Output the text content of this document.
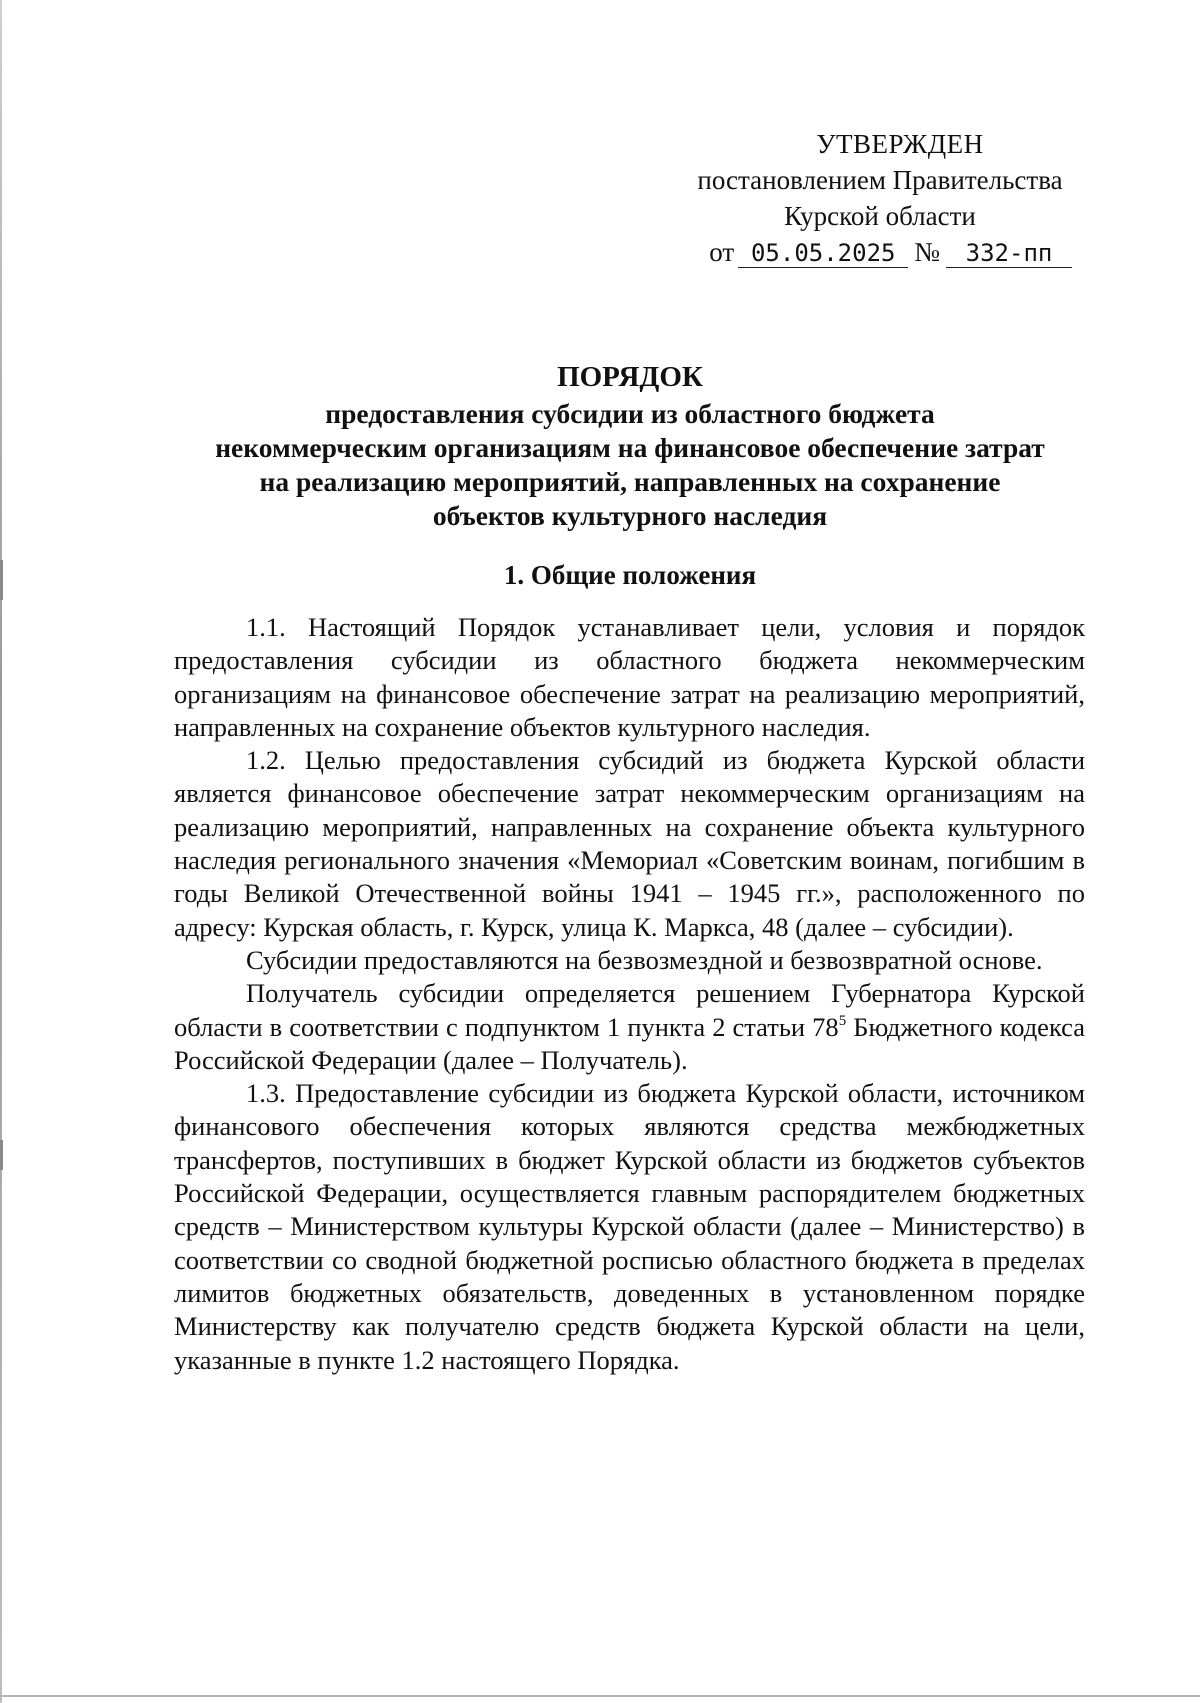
УТВЕРЖДЕН
постановлением Правительства
Курской области
от 05.05.2025 № 332-пп
ПОРЯДОК
предоставления субсидии из областного бюджета
некоммерческим организациям на финансовое обеспечение затрат
на реализацию мероприятий, направленных на сохранение
объектов культурного наследия
1. Общие положения

1.1. Настоящий Порядок устанавливает цели, условия и порядок предоставления субсидии из областного бюджета некоммерческим организациям на финансовое обеспечение затрат на реализацию мероприятий, направленных на сохранение объектов культурного наследия.

1.2. Целью предоставления субсидий из бюджета Курской области является финансовое обеспечение затрат некоммерческим организациям на реализацию мероприятий, направленных на сохранение объекта культурного наследия регионального значения «Мемориал «Советским воинам, погибшим в годы Великой Отечественной войны 1941 – 1945 гг.», расположенного по адресу: Курская область, г. Курск, улица К. Маркса, 48 (далее – субсидии).

Субсидии предоставляются на безвозмездной и безвозвратной основе.

Получатель субсидии определяется решением Губернатора Курской области в соответствии с подпунктом 1 пункта 2 статьи $78^5$ Бюджетного кодекса Российской Федерации (далее – Получатель).

1.3. Предоставление субсидии из бюджета Курской области, источником финансового обеспечения которых являются средства межбюджетных трансфертов, поступивших в бюджет Курской области из бюджетов субъектов Российской Федерации, осуществляется главным распорядителем бюджетных средств – Министерством культуры Курской области (далее – Министерство) в соответствии со сводной бюджетной росписью областного бюджета в пределах лимитов бюджетных обязательств, доведенных в установленном порядке Министерству как получателю средств бюджета Курской области на цели, указанные в пункте 1.2 настоящего Порядка.
